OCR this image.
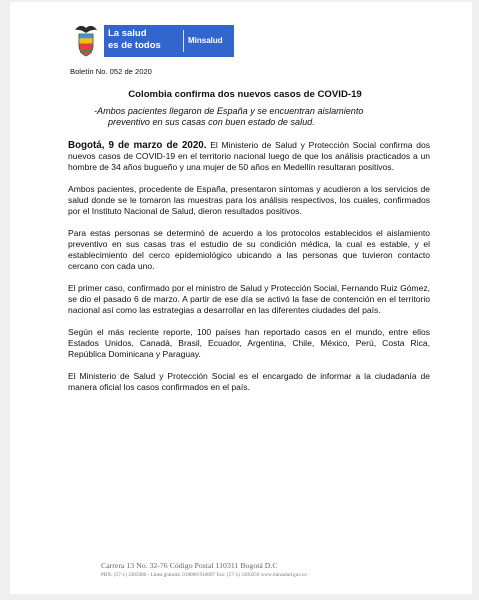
La salud
es de todos	Minsalud
Boletín No. 052 de 2020
Colombia confirma dos nuevos casos de COVID-19
-Ambos pacientes llegaron de España y se encuentran aislamiento
preventivo en sus casas con buen estado de salud.

Bogotá, 9 de marzo de 2020. El Ministerio de Salud y Protección Social confirma dos nuevos casos de COVID-19 en el territorio nacional luego de que los análisis practicados a un hombre de 34 años bugueño y una mujer de 50 años en Medellín resultaran positivos.

Ambos pacientes, procedente de España, presentaron síntomas y acudieron a los servicios de salud donde se le tomaron las muestras para los análisis respectivos, los cuales, confirmados por el Instituto Nacional de Salud, dieron resultados positivos.

Para estas personas se determinó de acuerdo a los protocolos establecidos el aislamiento preventivo en sus casas tras el estudio de su condición médica, la cual es estable, y el establecimiento del cerco epidemiológico ubicando a las personas que tuvieron contacto cercano con cada uno.

El primer caso, confirmado por el ministro de Salud y Protección Social, Fernando Ruiz Gómez, se dio el pasado 6 de marzo. A partir de ese día se activó la fase de contención en el territorio nacional así como las estrategias a desarrollar en las diferentes ciudades del país.

Según el más reciente reporte, 100 países han reportado casos en el mundo, entre ellos Estados Unidos, Canadá, Brasil, Ecuador, Argentina, Chile, México, Perú, Costa Rica, República Dominicana y Paraguay.

El Ministerio de Salud y Protección Social es el encargado de informar a la ciudadanía de manera oficial los casos confirmados en el país.

Carrera 13 No. 32-76 Código Postal 110311 Bogotá D.C
PBX: (57-1) 3305000 - Línea gratuita: 018000-910097 Fax: (57-1) 3305050 www.minsalud.gov.co
